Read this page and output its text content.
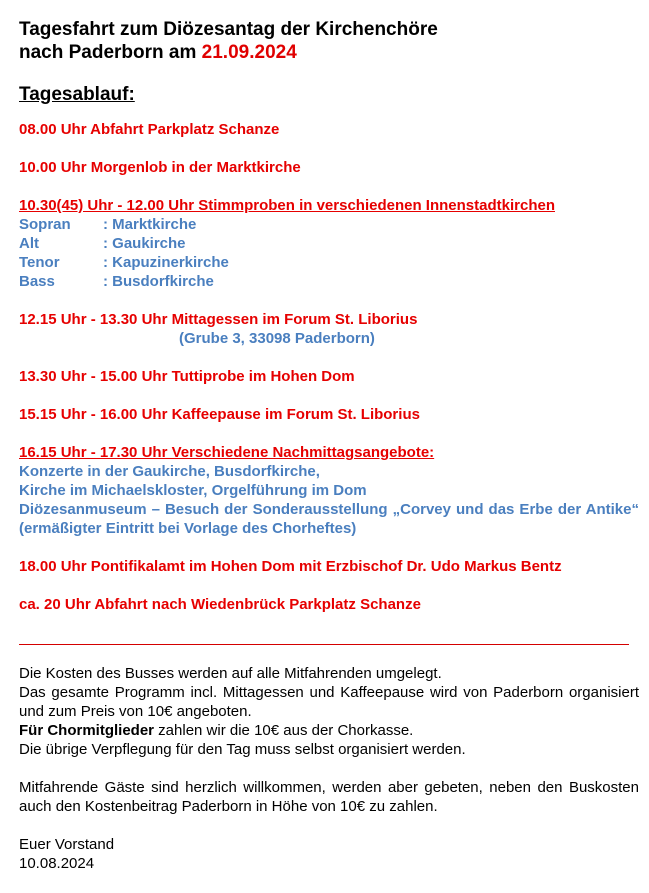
Tagesfahrt zum Diözesantag der Kirchenchöre
nach Paderborn am 21.09.2024
Tagesablauf:
08.00 Uhr Abfahrt Parkplatz Schanze
10.00 Uhr Morgenlob in der Marktkirche
10.30(45) Uhr - 12.00 Uhr Stimmproben in verschiedenen Innenstadtkirchen
Sopran	: Marktkirche
Alt	: Gaukirche
Tenor	: Kapuzinerkirche
Bass	: Busdorfkirche
12.15 Uhr - 13.30 Uhr Mittagessen im Forum St. Liborius
(Grube 3, 33098 Paderborn)
13.30 Uhr - 15.00 Uhr Tuttiprobe im Hohen Dom
15.15 Uhr - 16.00 Uhr Kaffeepause im Forum St. Liborius
16.15 Uhr - 17.30 Uhr Verschiedene Nachmittagsangebote:
Konzerte in der Gaukirche, Busdorfkirche,
Kirche im Michaelskloster, Orgelführung im Dom
Diözesanmuseum – Besuch der Sonderausstellung „Corvey und das Erbe der Antike“ (ermäßigter Eintritt bei Vorlage des Chorheftes)
18.00 Uhr Pontifikalamt im Hohen Dom mit Erzbischof Dr. Udo Markus Bentz
ca. 20 Uhr Abfahrt nach Wiedenbrück Parkplatz Schanze
Die Kosten des Busses werden auf alle Mitfahrenden umgelegt.
Das gesamte Programm incl. Mittagessen und Kaffeepause wird von Paderborn organisiert und zum Preis von 10€ angeboten.
Für Chormitglieder zahlen wir die 10€ aus der Chorkasse.
Die übrige Verpflegung für den Tag muss selbst organisiert werden.
Mitfahrende Gäste sind herzlich willkommen, werden aber gebeten, neben den Buskosten auch den Kostenbeitrag Paderborn in Höhe von 10€ zu zahlen.
Euer Vorstand
10.08.2024
